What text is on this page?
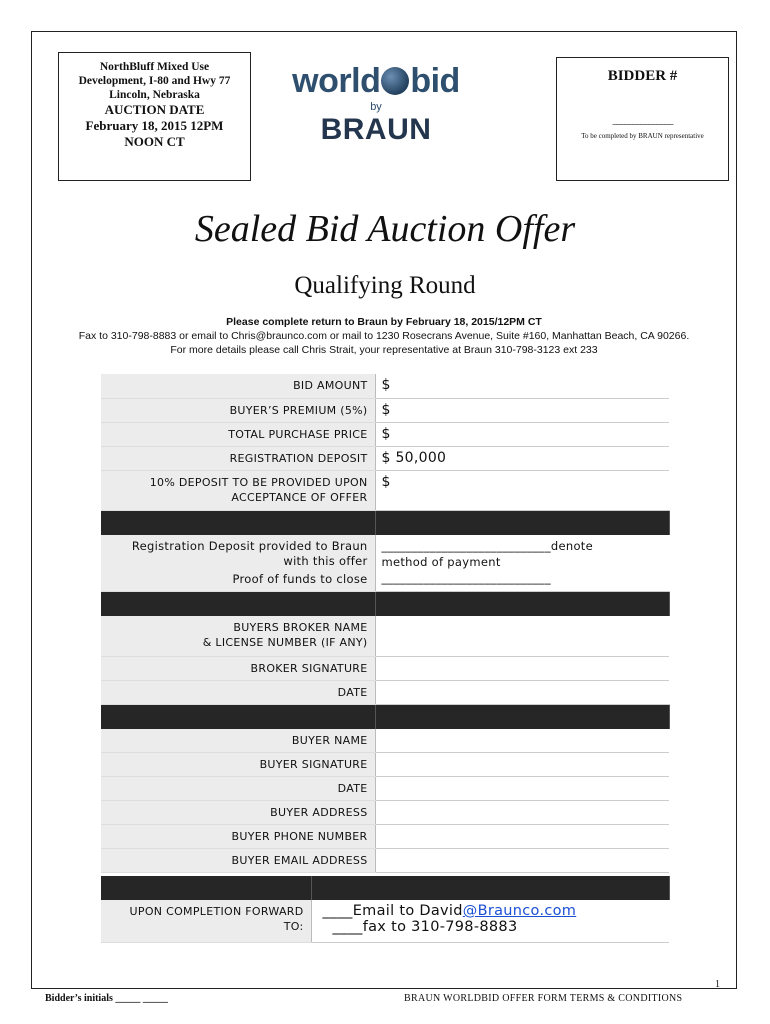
NorthBluff Mixed Use
Development, I-80 and Hwy 77
Lincoln, Nebraska
AUCTION DATE
February 18, 2015 12PM
NOON CT
world bid
by
BRAUN
BIDDER #
_______________
To be completed by BRAUN representative
Sealed Bid Auction Offer
Qualifying Round
Please complete return to Braun by February 18, 2015/12PM CT
Fax to 310-798-8883 or email to Chris@braunco.com or mail to 1230 Rosecrans Avenue, Suite #160, Manhattan Beach, CA 90266.
For more details please call Chris Strait, your representative at Braun 310-798-3123 ext 233
BID AMOUNT	$

BUYER’S PREMIUM (5%)	$

TOTAL PURCHASE PRICE	$

REGISTRATION DEPOSIT	$ 50,000

10% DEPOSIT TO BE PROVIDED UPON
ACCEPTANCE OF OFFER	$

Registration Deposit provided to Braun
with this offer	____________________________denote
method of payment

Proof of funds to close	____________________________

BUYERS BROKER NAME
& LICENSE NUMBER (IF ANY)	

BROKER SIGNATURE	

DATE	

BUYER NAME	

BUYER SIGNATURE	

DATE	

BUYER ADDRESS	

BUYER PHONE NUMBER	

BUYER EMAIL ADDRESS	

UPON COMPLETION FORWARD
TO:	____Email to David@Braunco.com
____fax to 310-798-8883
1
Bidder’s initials _____ _____	BRAUN WORLDBID OFFER FORM TERMS & CONDITIONS
